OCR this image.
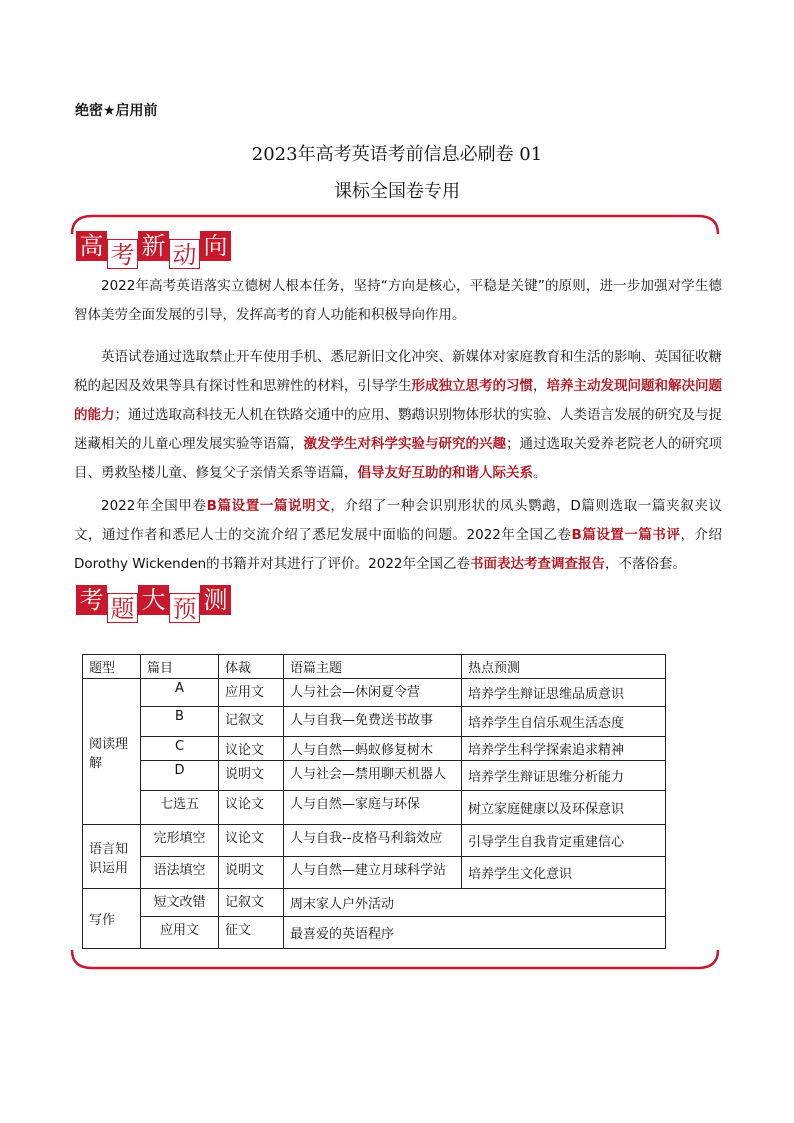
绝密★启用前
2023年高考英语考前信息必刷卷 01
课标全国卷专用
高 考 新 动 向
2022年高考英语落实立德树人根本任务，坚持“方向是核心，平稳是关键”的原则，进一步加强对学生德智体美劳全面发展的引导，发挥高考的育人功能和积极导向作用。
英语试卷通过选取禁止开车使用手机、悉尼新旧文化冲突、新媒体对家庭教育和生活的影响、英国征收糖税的起因及效果等具有探讨性和思辨性的材料，引导学生形成独立思考的习惯，培养主动发现问题和解决问题的能力；通过选取高科技无人机在铁路交通中的应用、鹦鹉识别物体形状的实验、人类语言发展的研究及与捉迷藏相关的儿童心理发展实验等语篇，激发学生对科学实验与研究的兴趣；通过选取关爱养老院老人的研究项目、勇救坠楼儿童、修复父子亲情关系等语篇，倡导友好互助的和谐人际关系。
2022年全国甲卷B篇设置一篇说明文，介绍了一种会识别形状的凤头鹦鹉，D篇则选取一篇夹叙夹议文，通过作者和悉尼人士的交流介绍了悉尼发展中面临的问题。2022年全国乙卷B篇设置一篇书评，介绍Dorothy Wickenden的书籍并对其进行了评价。2022年全国乙卷书面表达考查调查报告，不落俗套。
考 题 大 预 测
题型	篇目	体裁	语篇主题	热点预测
阅读理解	A	应用文	人与社会—休闲夏令营	培养学生辩证思维品质意识
	B	记叙文	人与自我—免费送书故事	培养学生自信乐观生活态度
	C	议论文	人与自然—蚂蚁修复树木	培养学生科学探索追求精神
	D	说明文	人与社会—禁用聊天机器人	培养学生辩证思维分析能力
	七选五	议论文	人与自然—家庭与环保	树立家庭健康以及环保意识
语言知识运用	完形填空	议论文	人与自我--皮格马利翁效应	引导学生自我肯定重建信心
	语法填空	说明文	人与自然—建立月球科学站	培养学生文化意识
写作	短文改错	记叙文	周末家人户外活动	
	应用文	征文	最喜爱的英语程序	
